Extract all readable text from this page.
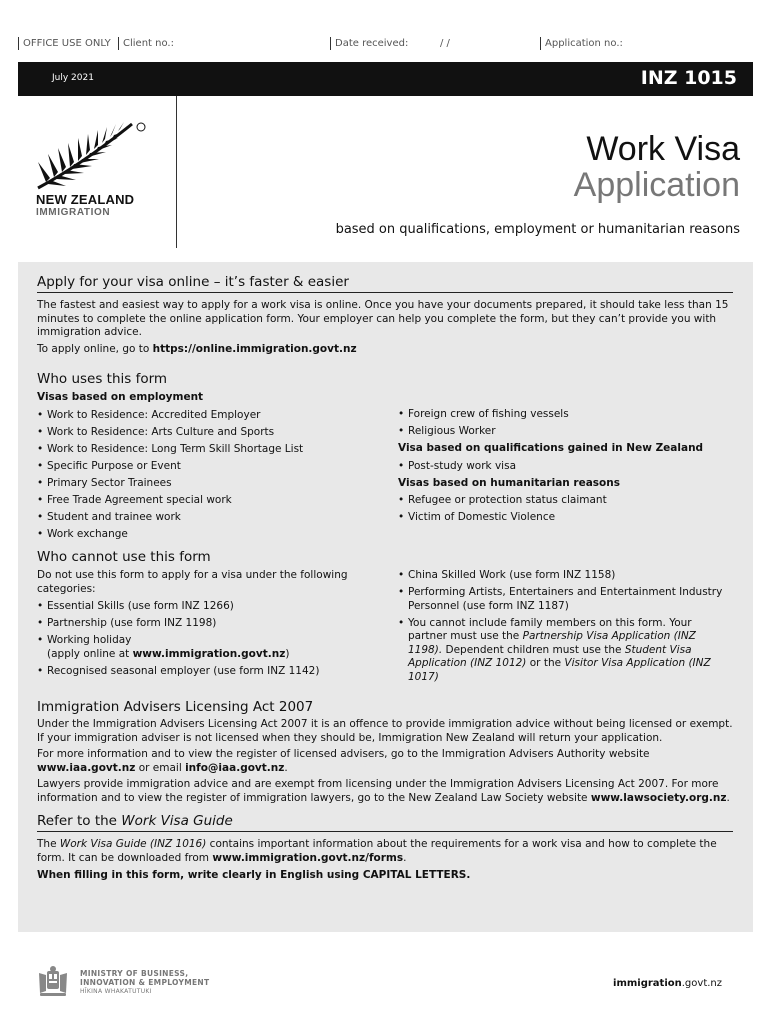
OFFICE USE ONLY	Client no.:	Date received:	/ /	Application no.:
July 2021	INZ 1015
NEW ZEALAND
IMMIGRATION
Work Visa
Application
based on qualifications, employment or humanitarian reasons
Apply for your visa online – it’s faster & easier

The fastest and easiest way to apply for a work visa is online. Once you have your documents prepared, it should take less than 15 minutes to complete the online application form. Your employer can help you complete the form, but they can’t provide you with immigration advice.

To apply online, go to https://online.immigration.govt.nz

Who uses this form
Visas based on employment
• Work to Residence: Accredited Employer
• Work to Residence: Arts Culture and Sports
• Work to Residence: Long Term Skill Shortage List
• Specific Purpose or Event
• Primary Sector Trainees
• Free Trade Agreement special work
• Student and trainee work
• Work exchange
• Foreign crew of fishing vessels
• Religious Worker
Visa based on qualifications gained in New Zealand
• Post-study work visa
Visas based on humanitarian reasons
• Refugee or protection status claimant
• Victim of Domestic Violence
Who cannot use this form

Do not use this form to apply for a visa under the following categories:

• Essential Skills (use form INZ 1266)
• Partnership (use form INZ 1198)
• Working holiday
(apply online at www.immigration.govt.nz)
• Recognised seasonal employer (use form INZ 1142)
• China Skilled Work (use form INZ 1158)
• Performing Artists, Entertainers and Entertainment Industry Personnel (use form INZ 1187)
• You cannot include family members on this form. Your partner must use the Partnership Visa Application (INZ 1198). Dependent children must use the Student Visa Application (INZ 1012) or the Visitor Visa Application (INZ 1017)
Immigration Advisers Licensing Act 2007

Under the Immigration Advisers Licensing Act 2007 it is an offence to provide immigration advice without being licensed or exempt. If your immigration adviser is not licensed when they should be, Immigration New Zealand will return your application.

For more information and to view the register of licensed advisers, go to the Immigration Advisers Authority website www.iaa.govt.nz or email info@iaa.govt.nz.

Lawyers provide immigration advice and are exempt from licensing under the Immigration Advisers Licensing Act 2007. For more information and to view the register of immigration lawyers, go to the New Zealand Law Society website www.lawsociety.org.nz.

Refer to the Work Visa Guide

The Work Visa Guide (INZ 1016) contains important information about the requirements for a work visa and how to complete the form. It can be downloaded from www.immigration.govt.nz/forms.

When filling in this form, write clearly in English using CAPITAL LETTERS.

MINISTRY OF BUSINESS,
INNOVATION & EMPLOYMENT
HĪKINA WHAKATUTUKI
immigration.govt.nz
